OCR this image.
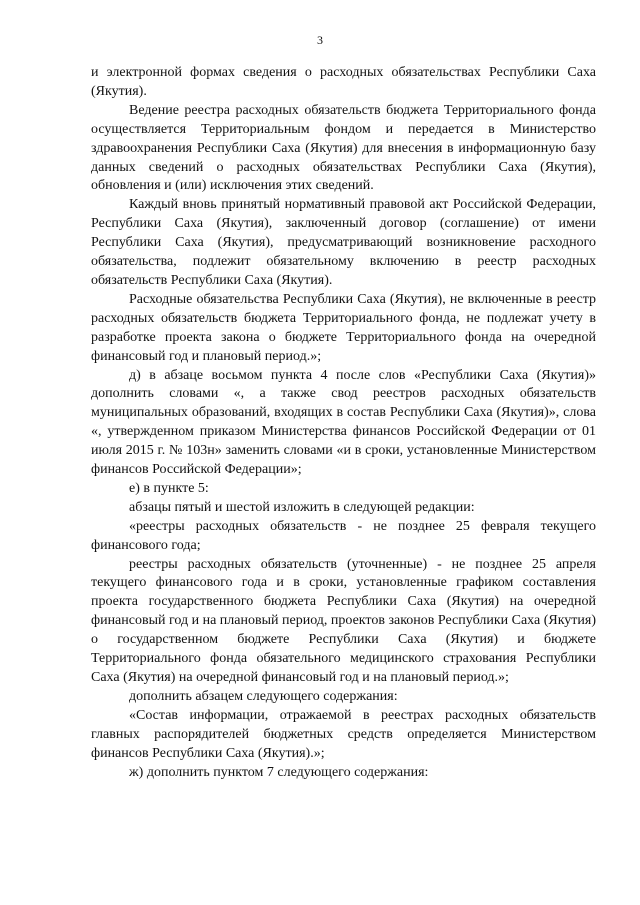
3

и электронной формах сведения о расходных обязательствах Республики Саха (Якутия).

Ведение реестра расходных обязательств бюджета Территориального фонда осуществляется Территориальным фондом и передается в Министерство здравоохранения Республики Саха (Якутия) для внесения в информационную базу данных сведений о расходных обязательствах Республики Саха (Якутия), обновления и (или) исключения этих сведений.

Каждый вновь принятый нормативный правовой акт Российской Федерации, Республики Саха (Якутия), заключенный договор (соглашение) от имени Республики Саха (Якутия), предусматривающий возникновение расходного обязательства, подлежит обязательному включению в реестр расходных обязательств Республики Саха (Якутия).

Расходные обязательства Республики Саха (Якутия), не включенные в реестр расходных обязательств бюджета Территориального фонда, не подлежат учету в разработке проекта закона о бюджете Территориального фонда на очередной финансовый год и плановый период.»;

д) в абзаце восьмом пункта 4 после слов «Республики Саха (Якутия)» дополнить словами «, а также свод реестров расходных обязательств муниципальных образований, входящих в состав Республики Саха (Якутия)», слова «, утвержденном приказом Министерства финансов Российской Федерации от 01 июля 2015 г. № 103н» заменить словами «и в сроки, установленные Министерством финансов Российской Федерации»;

е) в пункте 5:

абзацы пятый и шестой изложить в следующей редакции:

«реестры расходных обязательств - не позднее 25 февраля текущего финансового года;

реестры расходных обязательств (уточненные) - не позднее 25 апреля текущего финансового года и в сроки, установленные графиком составления проекта государственного бюджета Республики Саха (Якутия) на очередной финансовый год и на плановый период, проектов законов Республики Саха (Якутия) о государственном бюджете Республики Саха (Якутия) и бюджете Территориального фонда обязательного медицинского страхования Республики Саха (Якутия) на очередной финансовый год и на плановый период.»;

дополнить абзацем следующего содержания:

«Состав информации, отражаемой в реестрах расходных обязательств главных распорядителей бюджетных средств определяется Министерством финансов Республики Саха (Якутия).»;

ж) дополнить пунктом 7 следующего содержания:
